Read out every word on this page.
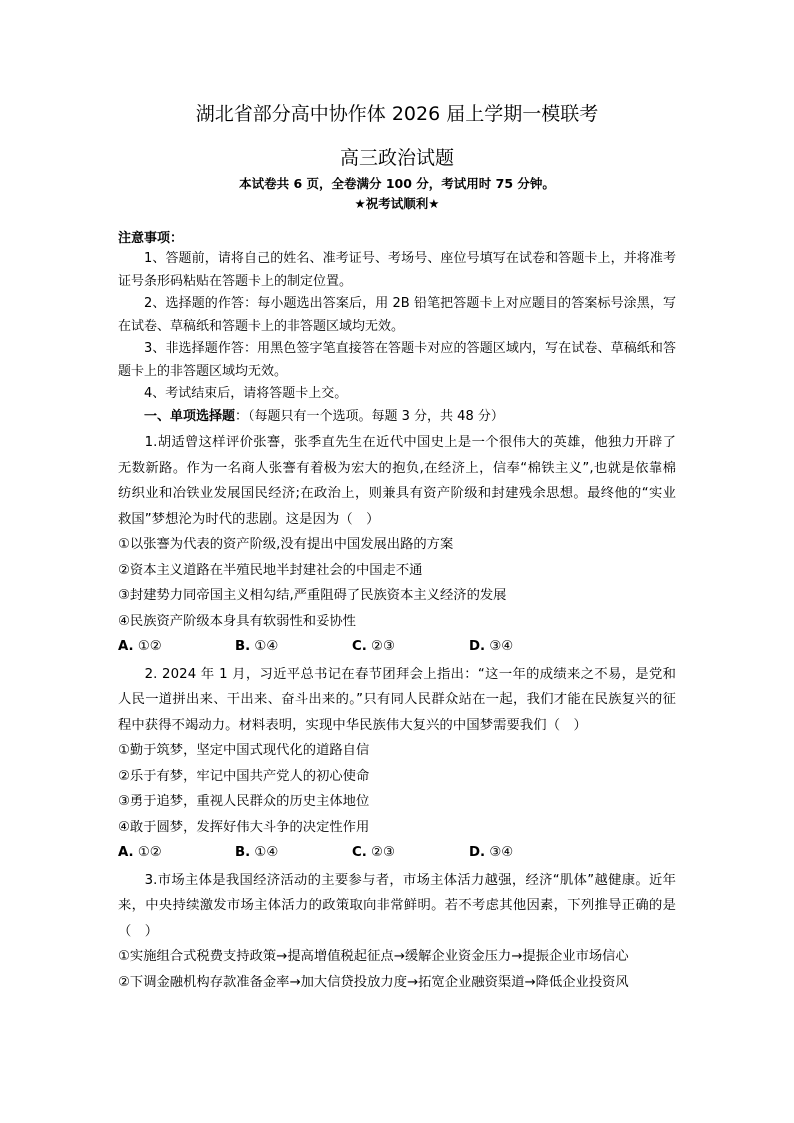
湖北省部分高中协作体 2026 届上学期一模联考
高三政治试题
本试卷共 6 页，全卷满分 100 分，考试用时 75 分钟。
★祝考试顺利★
注意事项：

1、答题前，请将自己的姓名、准考证号、考场号、座位号填写在试卷和答题卡上，并将准考证号条形码粘贴在答题卡上的制定位置。

2、选择题的作答：每小题选出答案后，用 2B 铅笔把答题卡上对应题目的答案标号涂黑，写在试卷、草稿纸和答题卡上的非答题区域均无效。

3、非选择题作答：用黑色签字笔直接答在答题卡对应的答题区域内，写在试卷、草稿纸和答题卡上的非答题区域均无效。

4、考试结束后，请将答题卡上交。

一、单项选择题：（每题只有一个选项。每题 3 分，共 48 分）

1.胡适曾这样评价张謇，张季直先生在近代中国史上是一个很伟大的英雄，他独力开辟了无数新路。作为一名商人张謇有着极为宏大的抱负,在经济上，信奉“棉铁主义”,也就是依靠棉纺织业和冶铁业发展国民经济;在政治上，则兼具有资产阶级和封建残余思想。最终他的“实业救国”梦想沦为时代的悲剧。这是因为（　）

①以张謇为代表的资产阶级,没有提出中国发展出路的方案

②资本主义道路在半殖民地半封建社会的中国走不通

③封建势力同帝国主义相勾结,严重阻碍了民族资本主义经济的发展

④民族资产阶级本身具有软弱性和妥协性

A. ①②	B. ①④	C. ②③	D. ③④

2. 2024 年 1 月，习近平总书记在春节团拜会上指出：“这一年的成绩来之不易，是党和人民一道拼出来、干出来、奋斗出来的。”只有同人民群众站在一起，我们才能在民族复兴的征程中获得不竭动力。材料表明，实现中华民族伟大复兴的中国梦需要我们（　）

①勤于筑梦，坚定中国式现代化的道路自信

②乐于有梦，牢记中国共产党人的初心使命

③勇于追梦，重视人民群众的历史主体地位

④敢于圆梦，发挥好伟大斗争的决定性作用

A. ①②	B. ①④	C. ②③	D. ③④

3.市场主体是我国经济活动的主要参与者，市场主体活力越强，经济“肌体”越健康。近年来，中央持续激发市场主体活力的政策取向非常鲜明。若不考虑其他因素，下列推导正确的是（　）

①实施组合式税费支持政策→提高增值税起征点→缓解企业资金压力→提振企业市场信心

②下调金融机构存款准备金率→加大信贷投放力度→拓宽企业融资渠道→降低企业投资风
